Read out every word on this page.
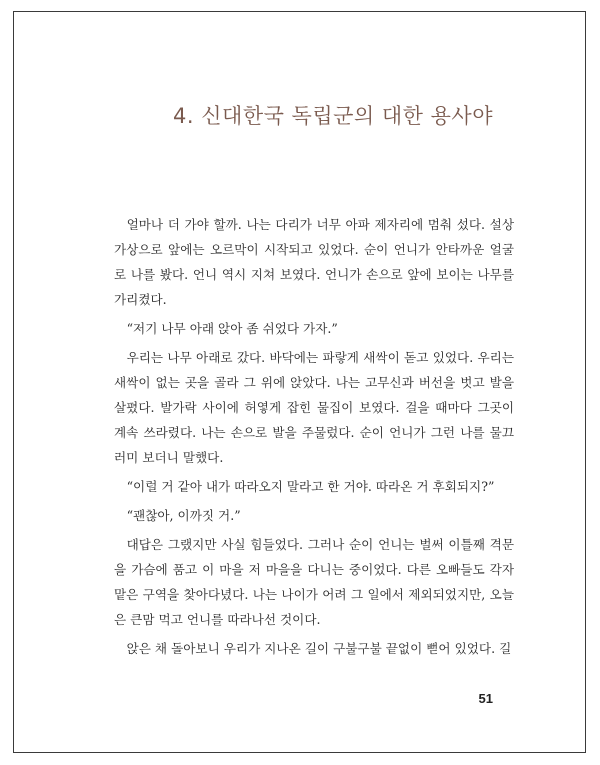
4. 신대한국 독립군의 대한 용사야

얼마나 더 가야 할까. 나는 다리가 너무 아파 제자리에 멈춰 섰다. 설상가상으로 앞에는 오르막이 시작되고 있었다. 순이 언니가 안타까운 얼굴로 나를 봤다. 언니 역시 지쳐 보였다. 언니가 손으로 앞에 보이는 나무를 가리켰다.

“저기 나무 아래 앉아 좀 쉬었다 가자.”

우리는 나무 아래로 갔다. 바닥에는 파랗게 새싹이 돋고 있었다. 우리는 새싹이 없는 곳을 골라 그 위에 앉았다. 나는 고무신과 버선을 벗고 발을 살폈다. 발가락 사이에 허옇게 잡힌 물집이 보였다. 걸을 때마다 그곳이 계속 쓰라렸다. 나는 손으로 발을 주물렀다. 순이 언니가 그런 나를 물끄러미 보더니 말했다.

“이럴 거 같아 내가 따라오지 말라고 한 거야. 따라온 거 후회되지?”

“괜찮아, 이까짓 거.”

대답은 그랬지만 사실 힘들었다. 그러나 순이 언니는 벌써 이틀째 격문을 가슴에 품고 이 마을 저 마을을 다니는 중이었다. 다른 오빠들도 각자 맡은 구역을 찾아다녔다. 나는 나이가 어려 그 일에서 제외되었지만, 오늘은 큰맘 먹고 언니를 따라나선 것이다.

앉은 채 돌아보니 우리가 지나온 길이 구불구불 끝없이 뻗어 있었다. 길

51
